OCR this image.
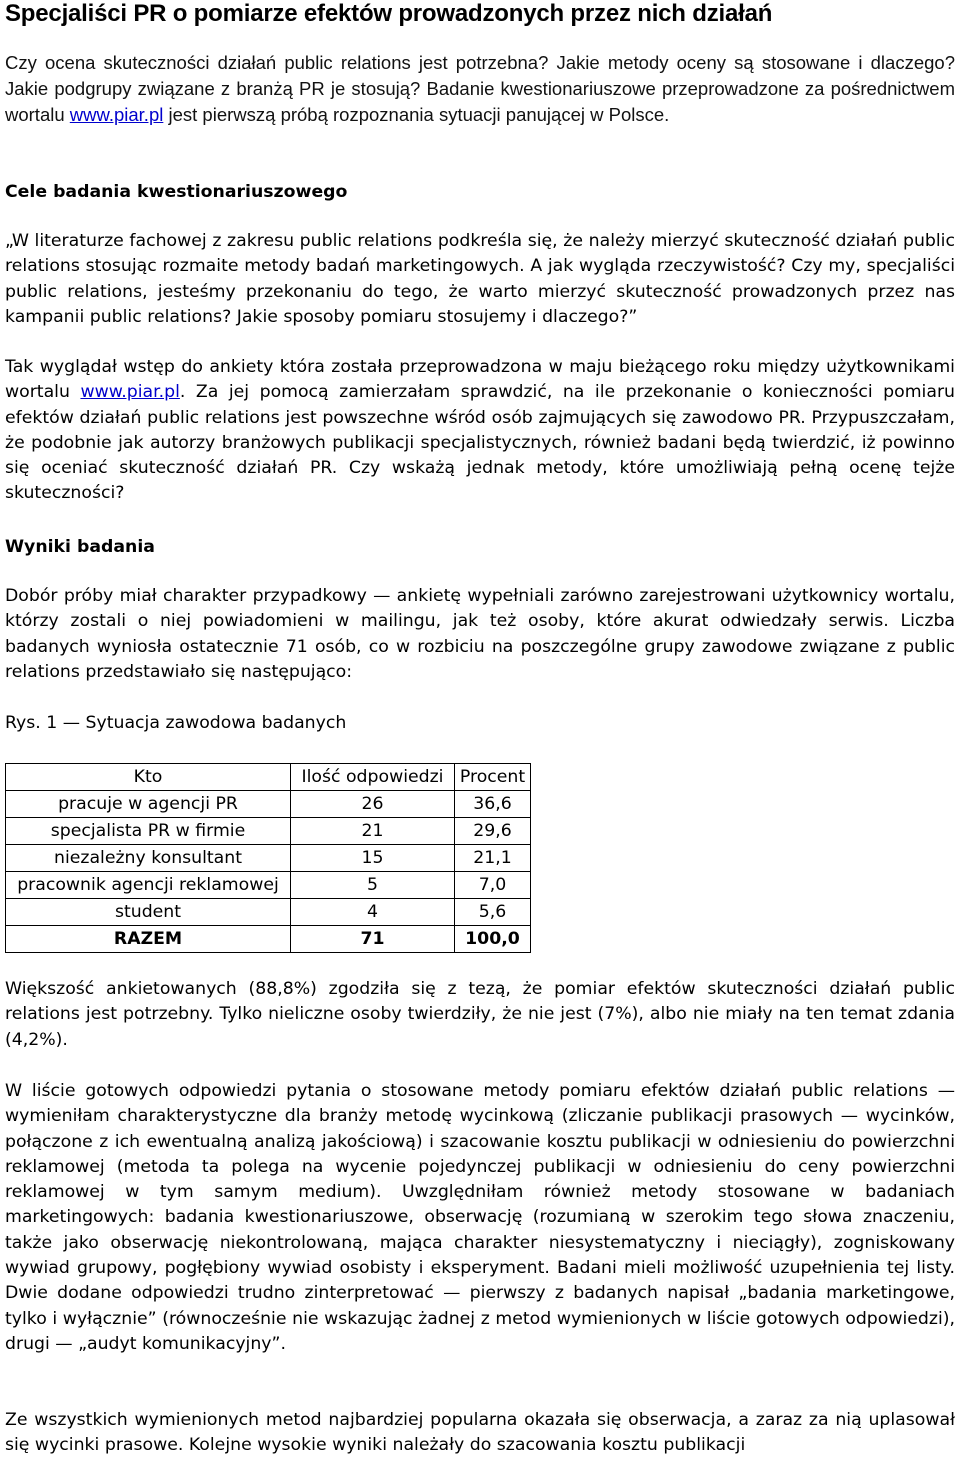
Specjaliści PR o pomiarze efektów prowadzonych przez nich działań

Czy ocena skuteczności działań public relations jest potrzebna? Jakie metody oceny są stosowane i dlaczego? Jakie podgrupy związane z branżą PR je stosują? Badanie kwestionariuszowe przeprowadzone za pośrednictwem wortalu www.piar.pl jest pierwszą próbą rozpoznania sytuacji panującej w Polsce.

Cele badania kwestionariuszowego

„W literaturze fachowej z zakresu public relations podkreśla się, że należy mierzyć skuteczność działań public relations stosując rozmaite metody badań marketingowych. A jak wygląda rzeczywistość? Czy my, specjaliści public relations, jesteśmy przekonaniu do tego, że warto mierzyć skuteczność prowadzonych przez nas kampanii public relations? Jakie sposoby pomiaru stosujemy i dlaczego?”

Tak wyglądał wstęp do ankiety która została przeprowadzona w maju bieżącego roku między użytkownikami wortalu www.piar.pl. Za jej pomocą zamierzałam sprawdzić, na ile przekonanie o konieczności pomiaru efektów działań public relations jest powszechne wśród osób zajmujących się zawodowo PR. Przypuszczałam, że podobnie jak autorzy branżowych publikacji specjalistycznych, również badani będą twierdzić, iż powinno się oceniać skuteczność działań PR. Czy wskażą jednak metody, które umożliwiają pełną ocenę tejże skuteczności?

Wyniki badania

Dobór próby miał charakter przypadkowy — ankietę wypełniali zarówno zarejestrowani użytkownicy wortalu, którzy zostali o niej powiadomieni w mailingu, jak też osoby, które akurat odwiedzały serwis. Liczba badanych wyniosła ostatecznie 71 osób, co w rozbiciu na poszczególne grupy zawodowe związane z public relations przedstawiało się następująco:

Rys. 1 — Sytuacja zawodowa badanych
Kto	Ilość odpowiedzi	Procent
pracuje w agencji PR	26	36,6
specjalista PR w firmie	21	29,6
niezależny konsultant	15	21,1
pracownik agencji reklamowej	5	7,0
student	4	5,6
RAZEM	71	100,0

Większość ankietowanych (88,8%) zgodziła się z tezą, że pomiar efektów skuteczności działań public relations jest potrzebny. Tylko nieliczne osoby twierdziły, że nie jest (7%), albo nie miały na ten temat zdania (4,2%).

W liście gotowych odpowiedzi pytania o stosowane metody pomiaru efektów działań public relations — wymieniłam charakterystyczne dla branży metodę wycinkową (zliczanie publikacji prasowych — wycinków, połączone z ich ewentualną analizą jakościową) i szacowanie kosztu publikacji w odniesieniu do powierzchni reklamowej (metoda ta polega na wycenie pojedynczej publikacji w odniesieniu do ceny powierzchni reklamowej w tym samym medium). Uwzględniłam również metody stosowane w badaniach marketingowych: badania kwestionariuszowe, obserwację (rozumianą w szerokim tego słowa znaczeniu, także jako obserwację niekontrolowaną, mająca charakter niesystematyczny i nieciągły), zogniskowany wywiad grupowy, pogłębiony wywiad osobisty i eksperyment. Badani mieli możliwość uzupełnienia tej listy. Dwie dodane odpowiedzi trudno zinterpretować — pierwszy z badanych napisał „badania marketingowe, tylko i wyłącznie” (równocześnie nie wskazując żadnej z metod wymienionych w liście gotowych odpowiedzi), drugi — „audyt komunikacyjny”.

Ze wszystkich wymienionych metod najbardziej popularna okazała się obserwacja, a zaraz za nią uplasował się wycinki prasowe. Kolejne wysokie wyniki należały do szacowania kosztu publikacji
